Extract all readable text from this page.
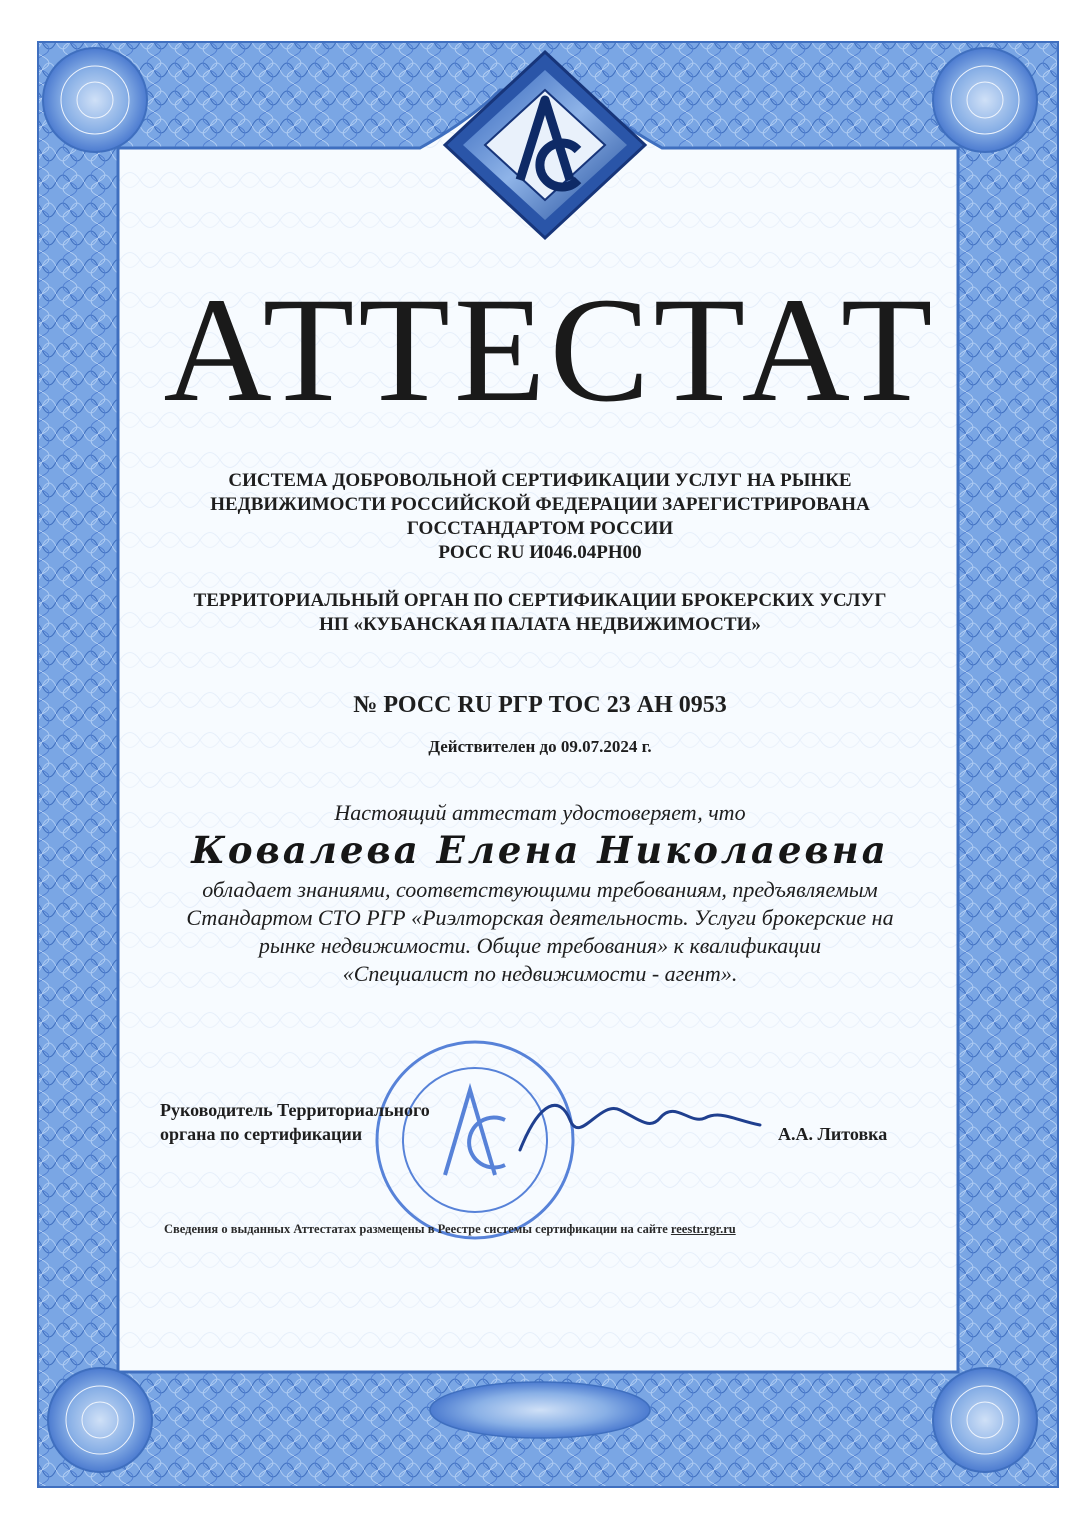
АТТЕСТАТ
СИСТЕМА ДОБРОВОЛЬНОЙ СЕРТИФИКАЦИИ УСЛУГ НА РЫНКЕ
НЕДВИЖИМОСТИ РОССИЙСКОЙ ФЕДЕРАЦИИ ЗАРЕГИСТРИРОВАНА
ГОССТАНДАРТОМ РОССИИ
РОСС RU И046.04РН00
ТЕРРИТОРИАЛЬНЫЙ ОРГАН ПО СЕРТИФИКАЦИИ БРОКЕРСКИХ УСЛУГ
НП «КУБАНСКАЯ ПАЛАТА НЕДВИЖИМОСТИ»
№ РОСС RU РГР ТОС 23 АН 0953
Действителен до 09.07.2024 г.
Настоящий аттестат удостоверяет, что
Ковалева Елена Николаевна
обладает знаниями, соответствующими требованиям, предъявляемым
Стандартом СТО РГР «Риэлторская деятельность. Услуги брокерские на
рынке недвижимости. Общие требования» к квалификации
«Специалист по недвижимости - агент».
Руководитель Территориального
органа по сертификации	А.А. Литовка
Сведения о выданных Аттестатах размещены в Реестре системы сертификации на сайте reestr.rgr.ru
